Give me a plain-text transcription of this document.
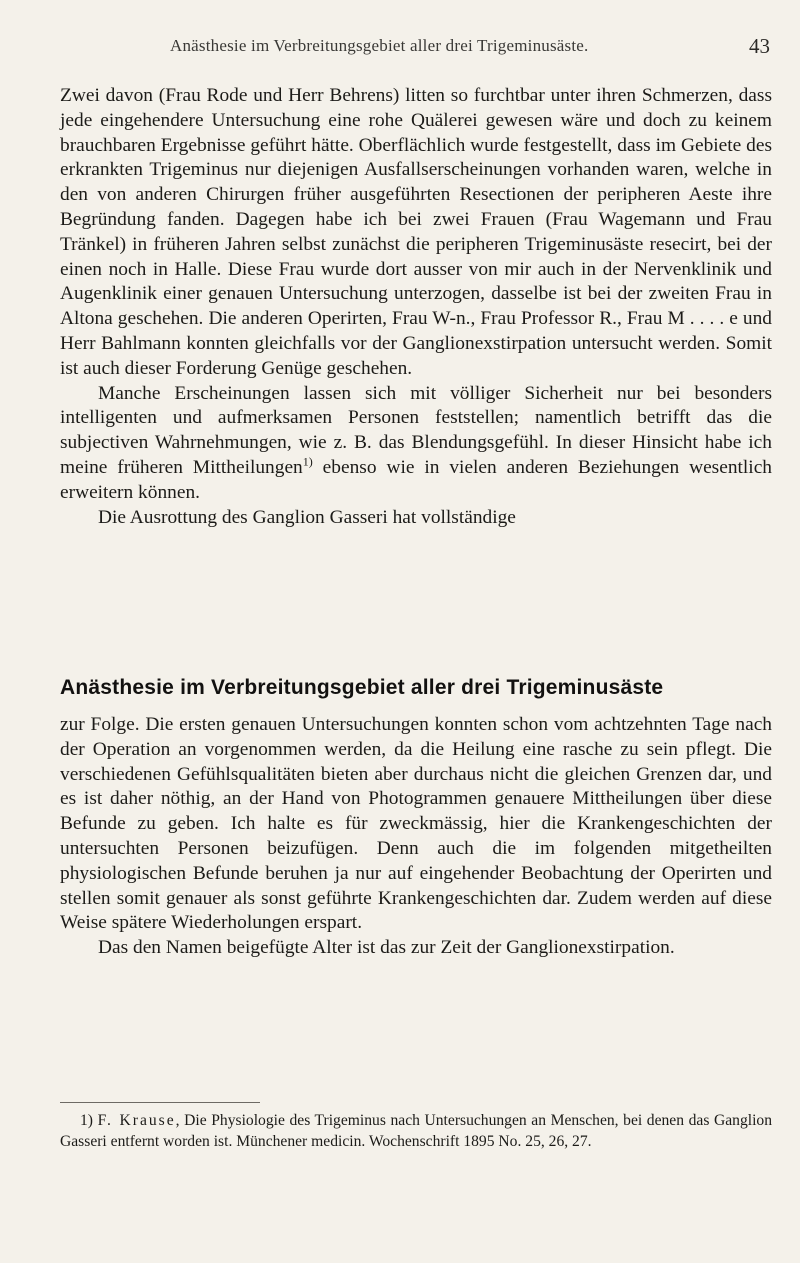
Anästhesie im Verbreitungsgebiet aller drei Trigeminusäste.	43

Zwei davon (Frau Rode und Herr Behrens) litten so furchtbar unter ihren Schmerzen, dass jede eingehendere Untersuchung eine rohe Quälerei gewesen wäre und doch zu keinem brauchbaren Ergebnisse geführt hätte. Oberflächlich wurde festgestellt, dass im Gebiete des erkrankten Trigeminus nur diejenigen Ausfallserscheinungen vorhanden waren, welche in den von anderen Chirurgen früher ausgeführten Resectionen der peripheren Aeste ihre Begründung fanden. Dagegen habe ich bei zwei Frauen (Frau Wagemann und Frau Tränkel) in früheren Jahren selbst zunächst die peripheren Trigeminusäste resecirt, bei der einen noch in Halle. Diese Frau wurde dort ausser von mir auch in der Nervenklinik und Augenklinik einer genauen Untersuchung unterzogen, dasselbe ist bei der zweiten Frau in Altona geschehen. Die anderen Operirten, Frau W-n., Frau Professor R., Frau M . . . . e und Herr Bahlmann konnten gleichfalls vor der Ganglionexstirpation untersucht werden. Somit ist auch dieser Forderung Genüge geschehen.

Manche Erscheinungen lassen sich mit völliger Sicherheit nur bei besonders intelligenten und aufmerksamen Personen feststellen; namentlich betrifft das die subjectiven Wahrnehmungen, wie z. B. das Blendungsgefühl. In dieser Hinsicht habe ich meine früheren Mittheilungen$^{1)}$ ebenso wie in vielen anderen Beziehungen wesentlich erweitern können.

Die Ausrottung des Ganglion Gasseri hat vollständige

Anästhesie im Verbreitungsgebiet aller drei Trigeminusäste

zur Folge. Die ersten genauen Untersuchungen konnten schon vom achtzehnten Tage nach der Operation an vorgenommen werden, da die Heilung eine rasche zu sein pflegt. Die verschiedenen Gefühlsqualitäten bieten aber durchaus nicht die gleichen Grenzen dar, und es ist daher nöthig, an der Hand von Photogrammen genauere Mittheilungen über diese Befunde zu geben. Ich halte es für zweckmässig, hier die Krankengeschichten der untersuchten Personen beizufügen. Denn auch die im folgenden mitgetheilten physiologischen Befunde beruhen ja nur auf eingehender Beobachtung der Operirten und stellen somit genauer als sonst geführte Krankengeschichten dar. Zudem werden auf diese Weise spätere Wiederholungen erspart.

Das den Namen beigefügte Alter ist das zur Zeit der Ganglionexstirpation.

1) F. Krause, Die Physiologie des Trigeminus nach Untersuchungen an Menschen, bei denen das Ganglion Gasseri entfernt worden ist. Münchener medicin. Wochenschrift 1895 No. 25, 26, 27.
